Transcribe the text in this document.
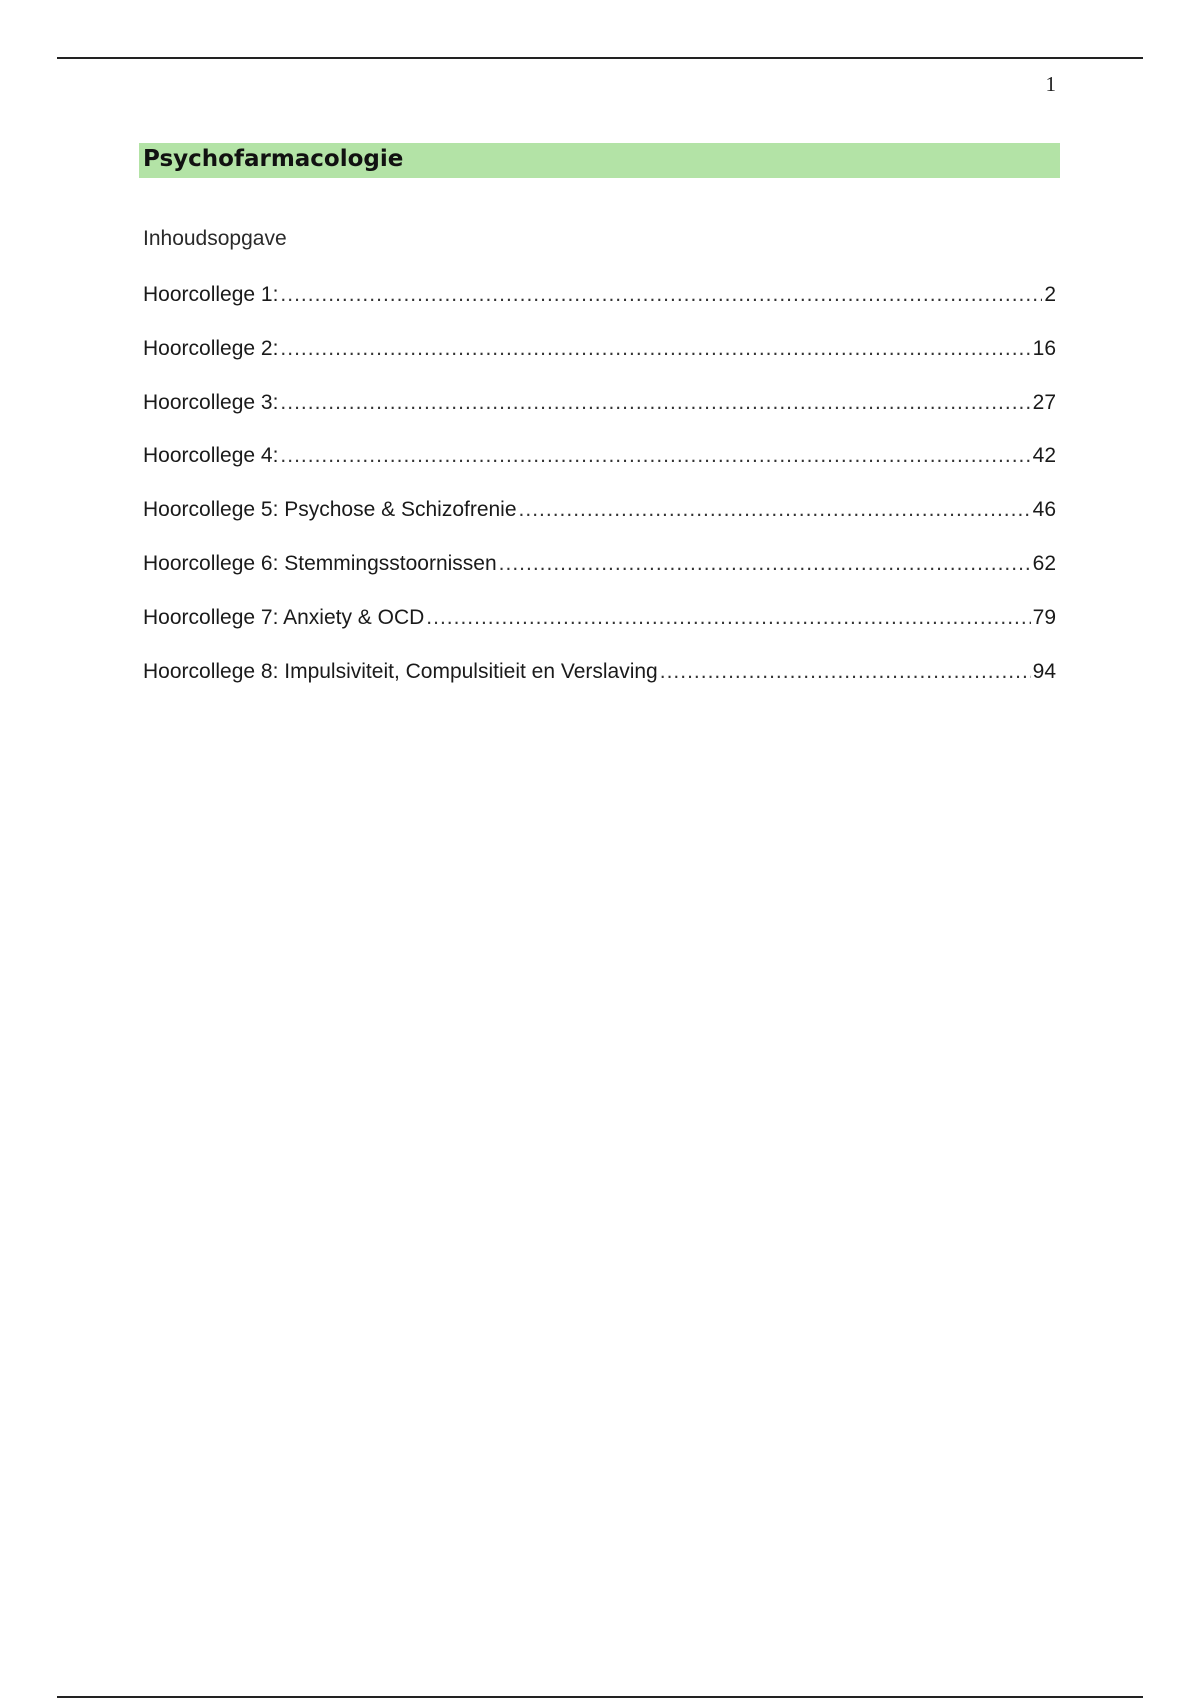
1
Psychofarmacologie
Inhoudsopgave
Hoorcollege 1: .....	2
Hoorcollege 2: .....	16
Hoorcollege 3: .....	27
Hoorcollege 4: .....	42
Hoorcollege 5: Psychose & Schizofrenie .....	46
Hoorcollege 6: Stemmingsstoornissen .....	62
Hoorcollege 7: Anxiety & OCD .....	79
Hoorcollege 8: Impulsiviteit, Compulsitieit en Verslaving .....	94
